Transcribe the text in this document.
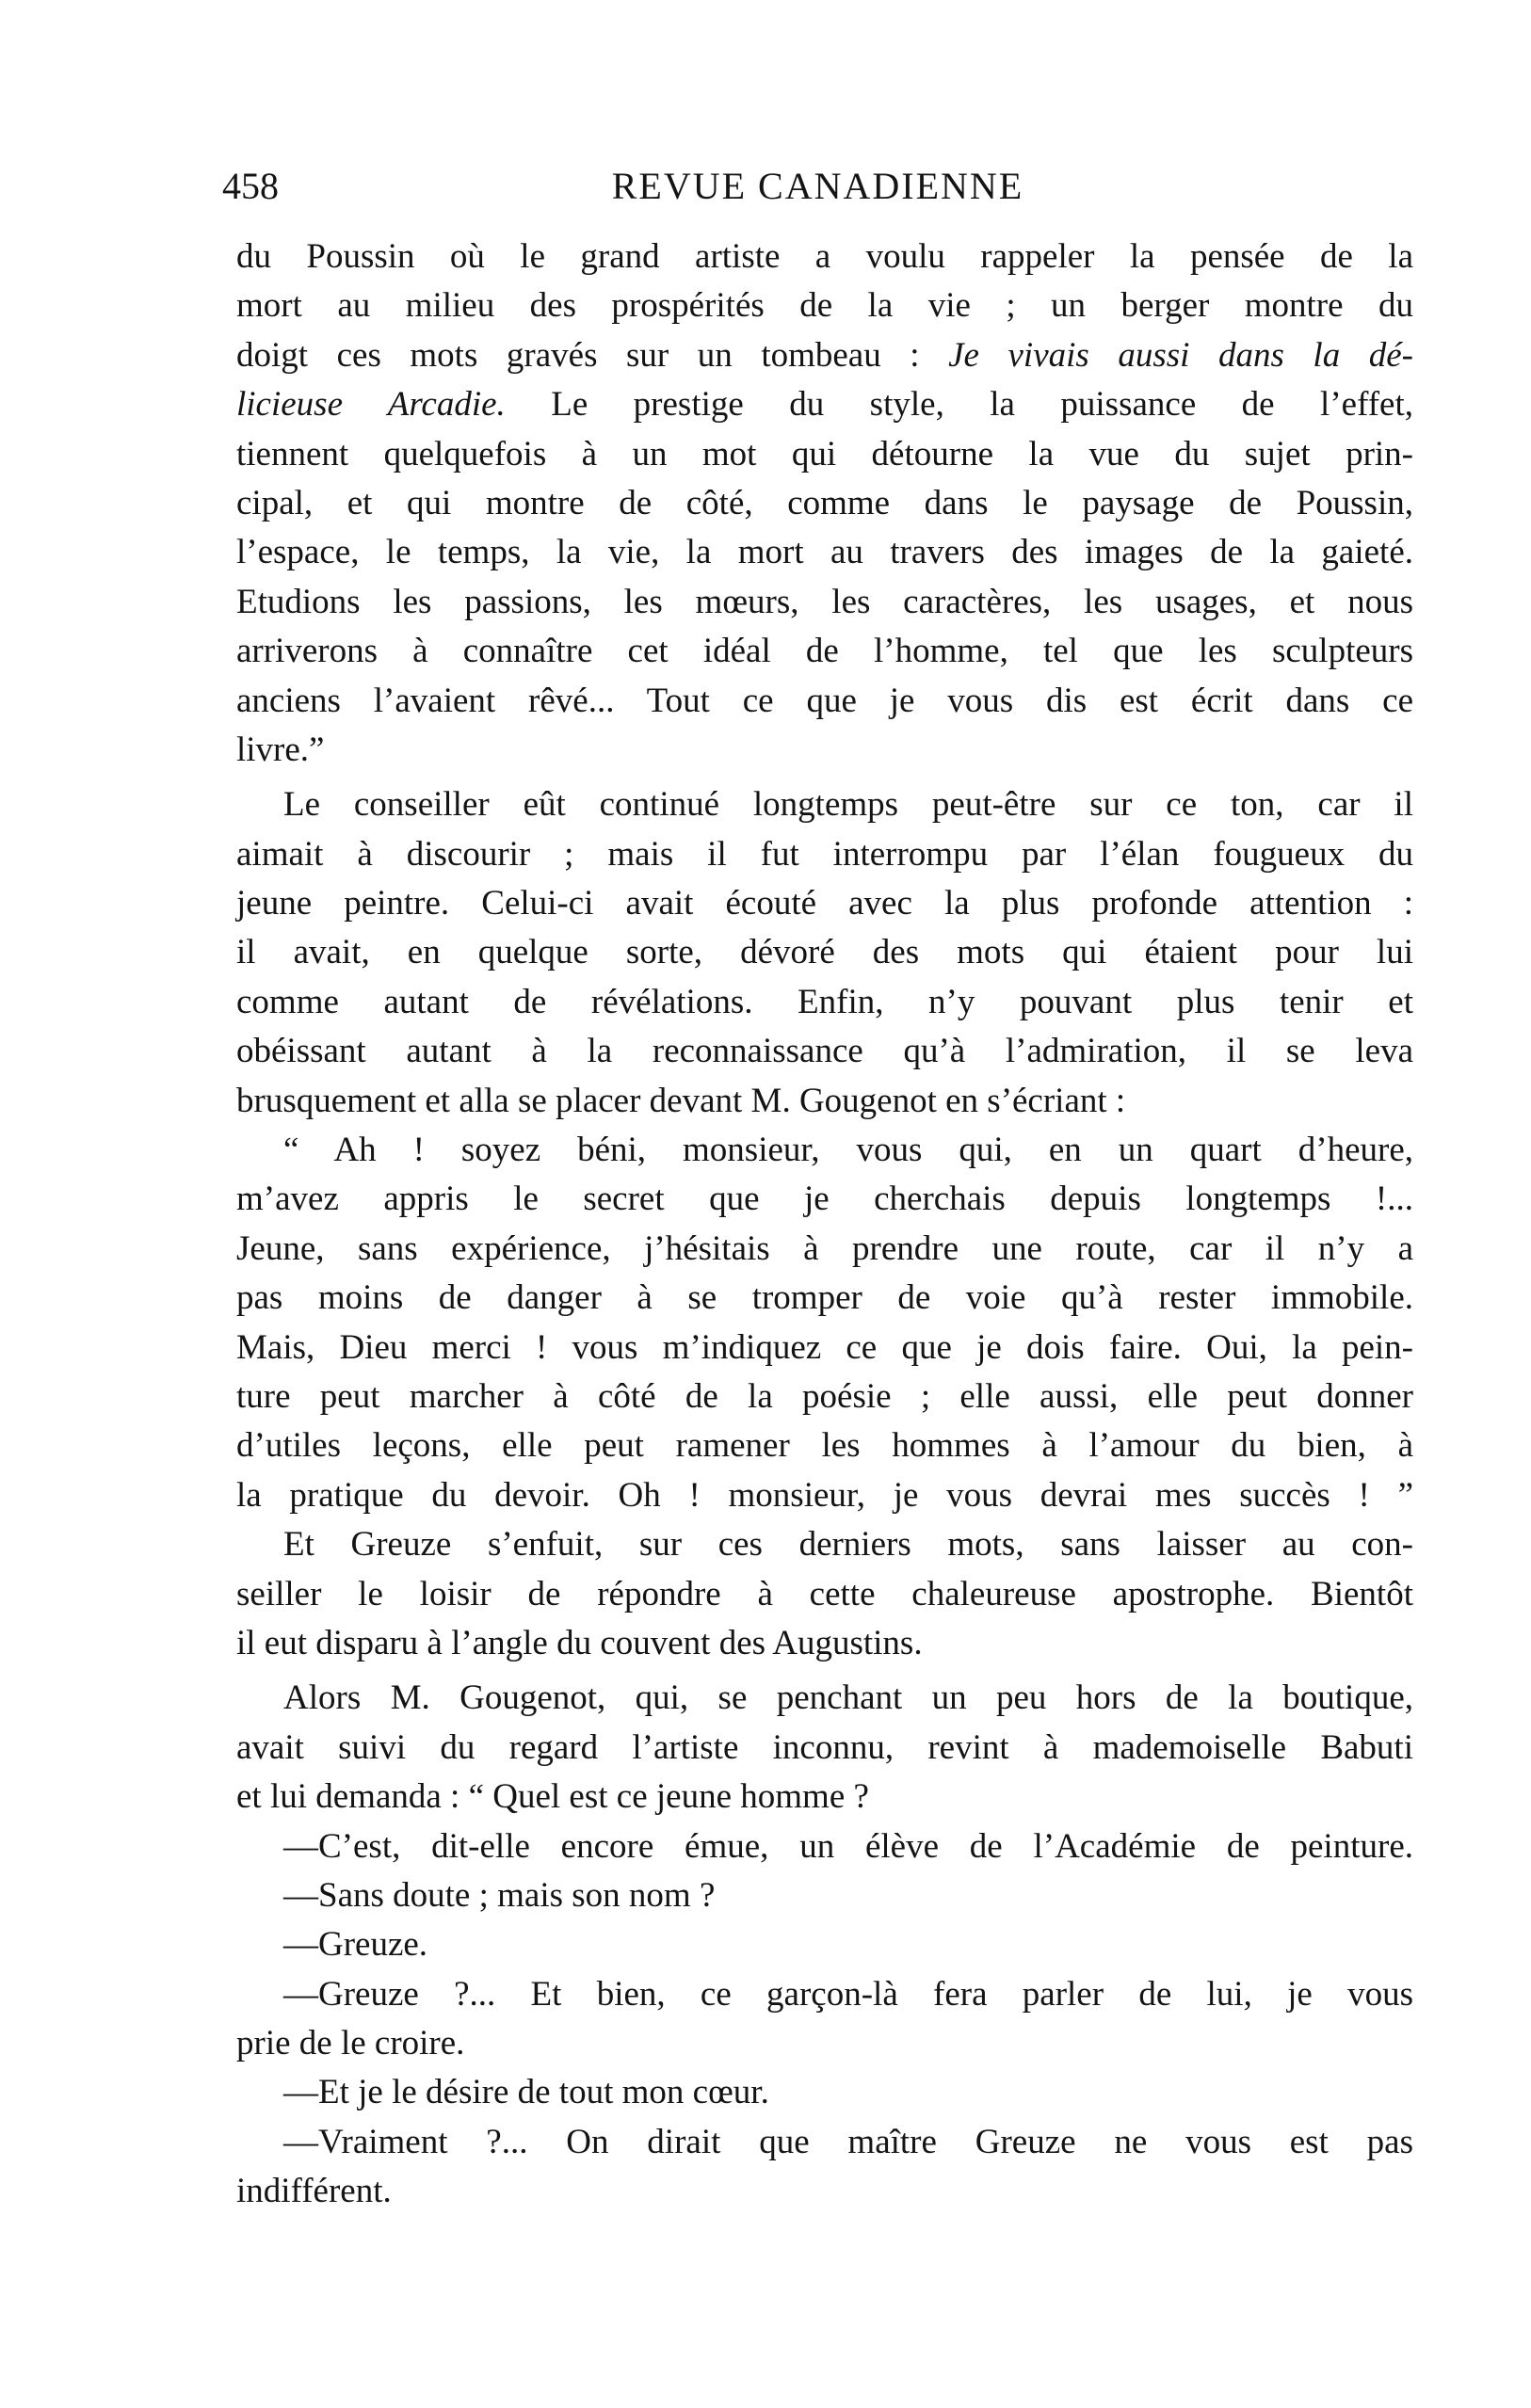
458	REVUE CANADIENNE
du Poussin où le grand artiste a voulu rappeler la pensée de la
mort au milieu des prospérités de la vie ; un berger montre du
doigt ces mots gravés sur un tombeau : Je vivais aussi dans la dé-
licieuse Arcadie. Le prestige du style, la puissance de l’effet,
tiennent quelquefois à un mot qui détourne la vue du sujet prin-
cipal, et qui montre de côté, comme dans le paysage de Poussin,
l’espace, le temps, la vie, la mort au travers des images de la gaieté.
Etudions les passions, les mœurs, les caractères, les usages, et nous
arriverons à connaître cet idéal de l’homme, tel que les sculpteurs
anciens l’avaient rêvé... Tout ce que je vous dis est écrit dans ce
livre.”
Le conseiller eût continué longtemps peut-être sur ce ton, car il
aimait à discourir ; mais il fut interrompu par l’élan fougueux du
jeune peintre. Celui-ci avait écouté avec la plus profonde attention :
il avait, en quelque sorte, dévoré des mots qui étaient pour lui
comme autant de révélations. Enfin, n’y pouvant plus tenir et
obéissant autant à la reconnaissance qu’à l’admiration, il se leva
brusquement et alla se placer devant M. Gougenot en s’écriant :
“ Ah ! soyez béni, monsieur, vous qui, en un quart d’heure,
m’avez appris le secret que je cherchais depuis longtemps !...
Jeune, sans expérience, j’hésitais à prendre une route, car il n’y a
pas moins de danger à se tromper de voie qu’à rester immobile.
Mais, Dieu merci ! vous m’indiquez ce que je dois faire. Oui, la pein-
ture peut marcher à côté de la poésie ; elle aussi, elle peut donner
d’utiles leçons, elle peut ramener les hommes à l’amour du bien, à
la pratique du devoir. Oh ! monsieur, je vous devrai mes succès ! ”
Et Greuze s’enfuit, sur ces derniers mots, sans laisser au con-
seiller le loisir de répondre à cette chaleureuse apostrophe. Bientôt
il eut disparu à l’angle du couvent des Augustins.
Alors M. Gougenot, qui, se penchant un peu hors de la boutique,
avait suivi du regard l’artiste inconnu, revint à mademoiselle Babuti
et lui demanda : “ Quel est ce jeune homme ?
—C’est, dit-elle encore émue, un élève de l’Académie de peinture.
—Sans doute ; mais son nom ?
—Greuze.
—Greuze ?... Et bien, ce garçon-là fera parler de lui, je vous
prie de le croire.
—Et je le désire de tout mon cœur.
—Vraiment ?... On dirait que maître Greuze ne vous est pas
indifférent.
